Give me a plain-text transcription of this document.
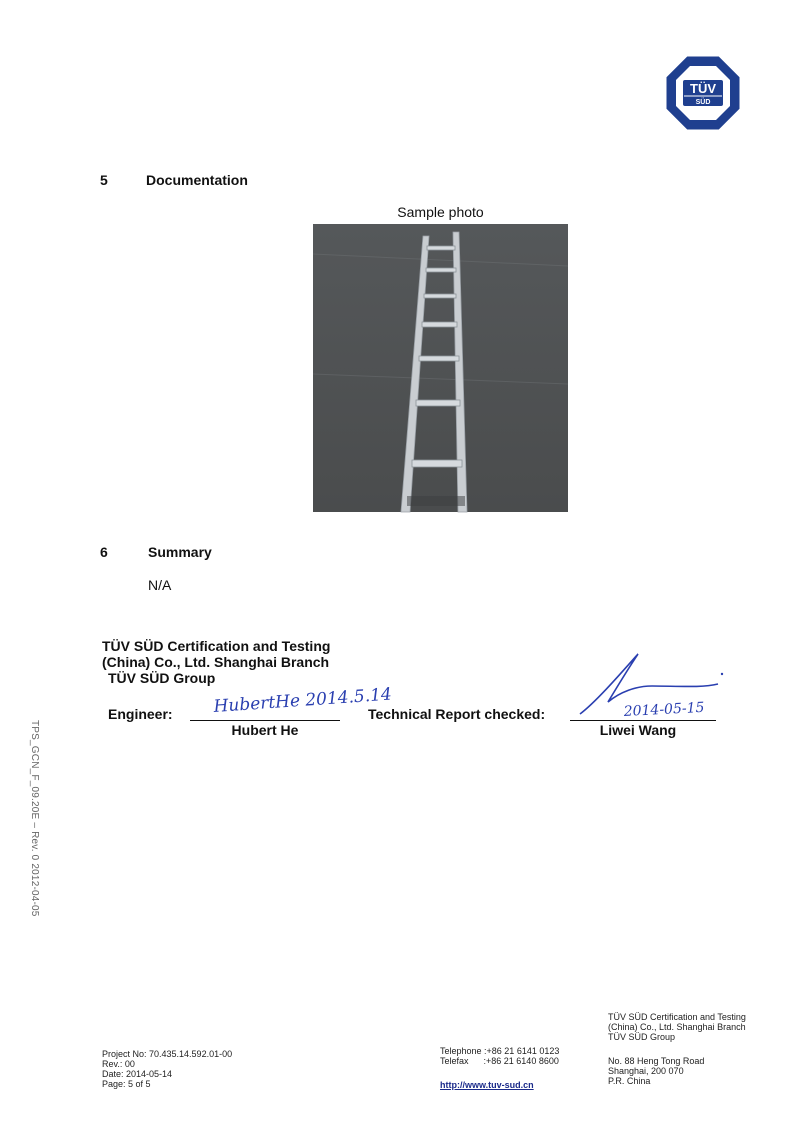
TÜV
SÜD
5	Documentation
Sample photo
6	Summary
N/A
TÜV SÜD Certification and Testing
(China) Co., Ltd. Shanghai Branch
TÜV SÜD Group
Engineer: HubertHe 2014.5.14
Hubert He
Technical Report checked:	2014-05-15
Liwei Wang
TPS_GCN_F_09.20E – Rev. 0 2012-04-05
Project No: 70.435.14.592.01-00
Rev.: 00
Date: 2014-05-14
Page: 5 of 5
Telephone :+86 21 6141 0123
Telefax      :+86 21 6140 8600
http://www.tuv-sud.cn
TÜV SÜD Certification and Testing
(China) Co., Ltd. Shanghai Branch
TÜV SÜD Group
No. 88 Heng Tong Road
Shanghai, 200 070
P.R. China
